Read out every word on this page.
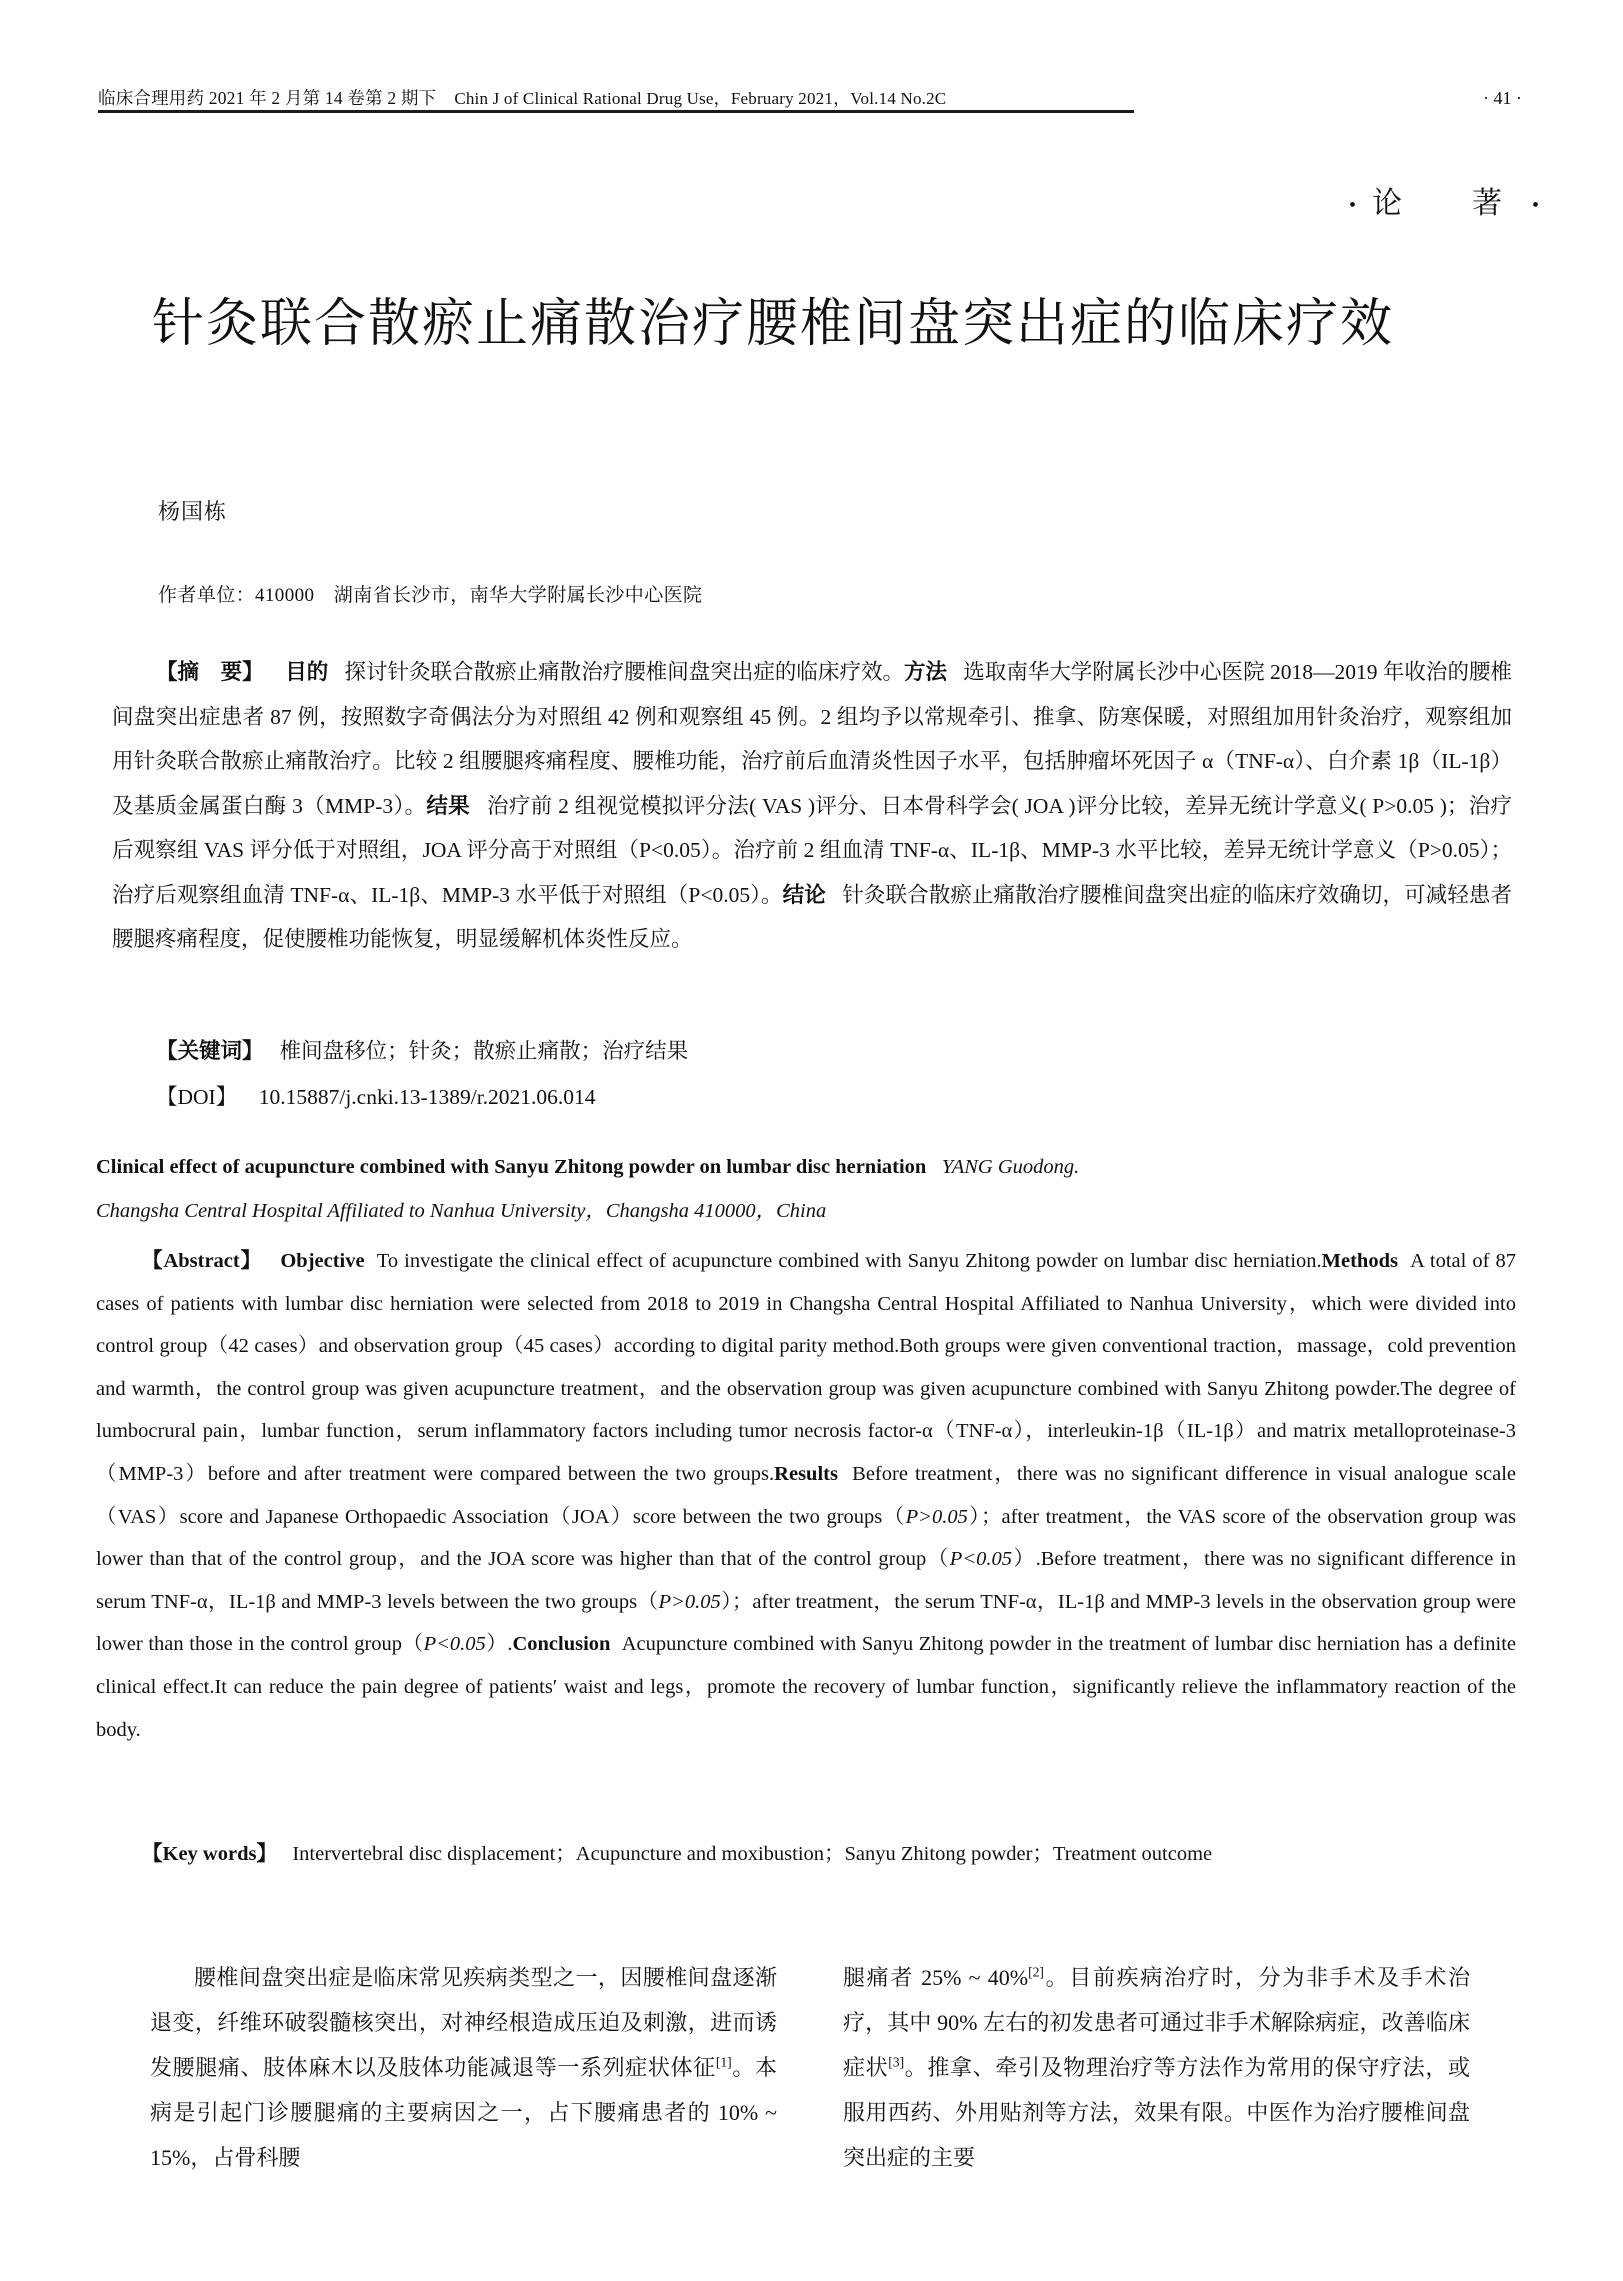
临床合理用药 2021 年 2 月第 14 卷第 2 期下 Chin J of Clinical Rational Drug Use，February 2021，Vol.14 No.2C	· 41 ·
• 论　著 •
针灸联合散瘀止痛散治疗腰椎间盘突出症的临床疗效
杨国栋
作者单位：410000　湖南省长沙市，南华大学附属长沙中心医院
【摘　要】 目的 探讨针灸联合散瘀止痛散治疗腰椎间盘突出症的临床疗效。方法 选取南华大学附属长沙中心医院 2018—2019 年收治的腰椎间盘突出症患者 87 例，按照数字奇偶法分为对照组 42 例和观察组 45 例。2 组均予以常规牵引、推拿、防寒保暖，对照组加用针灸治疗，观察组加用针灸联合散瘀止痛散治疗。比较 2 组腰腿疼痛程度、腰椎功能，治疗前后血清炎性因子水平，包括肿瘤坏死因子 α（TNF-α）、白介素 1β（IL-1β）及基质金属蛋白酶 3（MMP-3）。结果 治疗前 2 组视觉模拟评分法( VAS )评分、日本骨科学会( JOA )评分比较，差异无统计学意义( P>0.05 )；治疗后观察组 VAS 评分低于对照组，JOA 评分高于对照组（P<0.05）。治疗前 2 组血清 TNF-α、IL-1β、MMP-3 水平比较，差异无统计学意义（P>0.05）；治疗后观察组血清 TNF-α、IL-1β、MMP-3 水平低于对照组（P<0.05）。结论 针灸联合散瘀止痛散治疗腰椎间盘突出症的临床疗效确切，可减轻患者腰腿疼痛程度，促使腰椎功能恢复，明显缓解机体炎性反应。
【关键词】 椎间盘移位；针灸；散瘀止痛散；治疗结果
【DOI】 10.15887/j.cnki.13-1389/r.2021.06.014
Clinical effect of acupuncture combined with Sanyu Zhitong powder on lumbar disc herniation YANG Guodong.
Changsha Central Hospital Affiliated to Nanhua University，Changsha 410000，China
【Abstract】 Objective To investigate the clinical effect of acupuncture combined with Sanyu Zhitong powder on lumbar disc herniation.Methods A total of 87 cases of patients with lumbar disc herniation were selected from 2018 to 2019 in Changsha Central Hospital Affiliated to Nanhua University，which were divided into control group（42 cases）and observation group（45 cases）according to digital parity method.Both groups were given conventional traction，massage，cold prevention and warmth，the control group was given acupuncture treatment，and the observation group was given acupuncture combined with Sanyu Zhitong powder.The degree of lumbocrural pain，lumbar function，serum inflammatory factors including tumor necrosis factor-α（TNF-α），interleukin-1β（IL-1β）and matrix metalloproteinase-3（MMP-3）before and after treatment were compared between the two groups.Results Before treatment，there was no significant difference in visual analogue scale（VAS）score and Japanese Orthopaedic Association（JOA）score between the two groups（P>0.05）；after treatment，the VAS score of the observation group was lower than that of the control group，and the JOA score was higher than that of the control group（P<0.05）.Before treatment，there was no significant difference in serum TNF-α，IL-1β and MMP-3 levels between the two groups（P>0.05）；after treatment，the serum TNF-α，IL-1β and MMP-3 levels in the observation group were lower than those in the control group（P<0.05）.Conclusion Acupuncture combined with Sanyu Zhitong powder in the treatment of lumbar disc herniation has a definite clinical effect.It can reduce the pain degree of patients′ waist and legs，promote the recovery of lumbar function，significantly relieve the inflammatory reaction of the body.
【Key words】 Intervertebral disc displacement；Acupuncture and moxibustion；Sanyu Zhitong powder；Treatment outcome

腰椎间盘突出症是临床常见疾病类型之一，因腰椎间盘逐渐退变，纤维环破裂髓核突出，对神经根造成压迫及刺激，进而诱发腰腿痛、肢体麻木以及肢体功能减退等一系列症状体征[1]。本病是引起门诊腰腿痛的主要病因之一，占下腰痛患者的 10% ~ 15%，占骨科腰

腿痛者 25% ~ 40%[2]。目前疾病治疗时，分为非手术及手术治疗，其中 90% 左右的初发患者可通过非手术解除病症，改善临床症状[3]。推拿、牵引及物理治疗等方法作为常用的保守疗法，或服用西药、外用贴剂等方法，效果有限。中医作为治疗腰椎间盘突出症的主要
